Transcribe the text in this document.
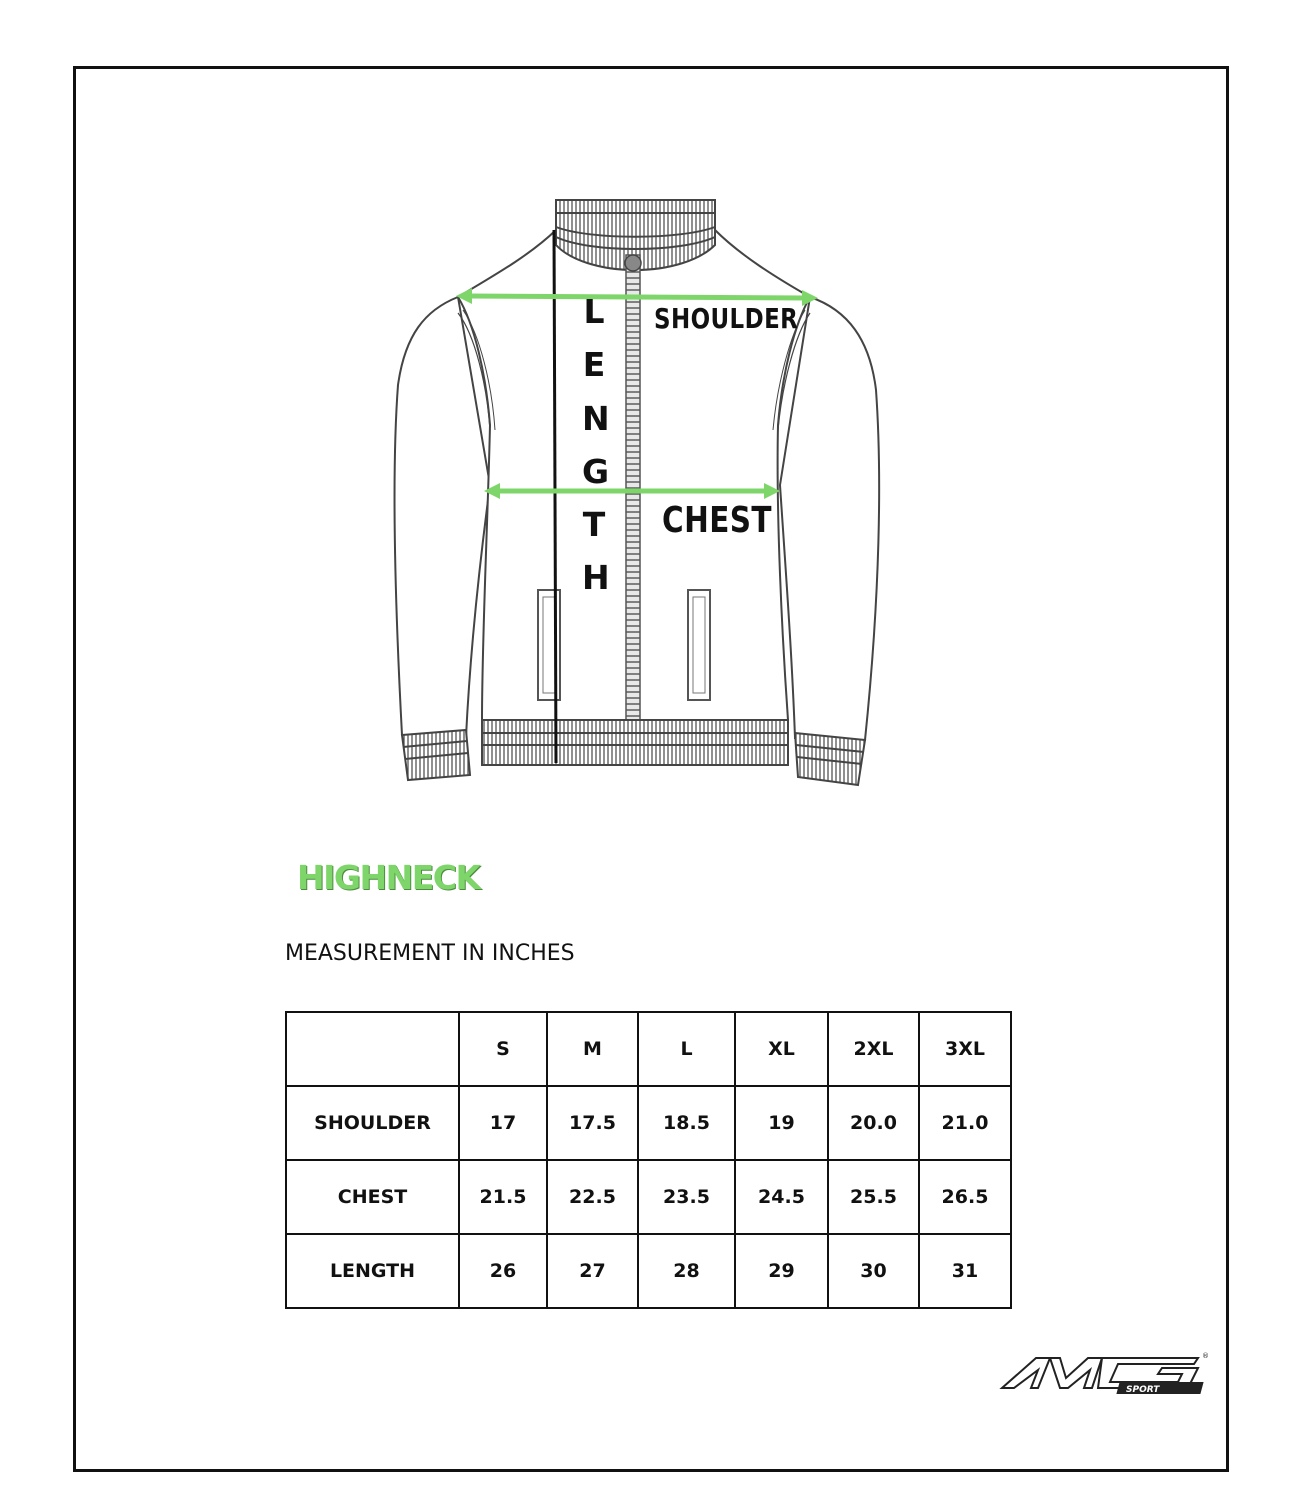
SHOULDER
CHEST
L
E
N
G
T
H
HIGHNECK
MEASUREMENT IN INCHES
	S	M	L	XL	2XL	3XL
SHOULDER	17	17.5	18.5	19	20.0	21.0
CHEST	21.5	22.5	23.5	24.5	25.5	26.5
LENGTH	26	27	28	29	30	31
SPORT
®
